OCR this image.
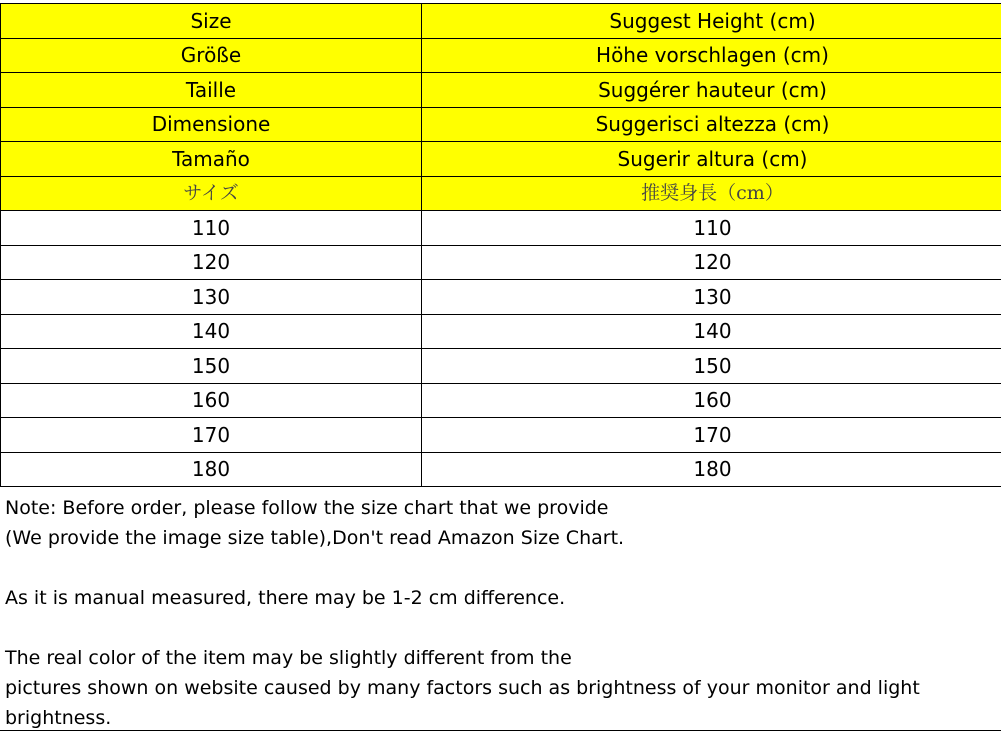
Size	Suggest Height (cm)
Größe	Höhe vorschlagen (cm)
Taille	Suggérer hauteur (cm)
Dimensione	Suggerisci altezza (cm)
Tamaño	Sugerir altura (cm)
サイズ	推奨身長（cm）
110	110
120	120
130	130
140	140
150	150
160	160
170	170
180	180

Note: Before order, please follow the size chart that we provide

(We provide the image size table),Don't read Amazon Size Chart.

As it is manual measured, there may be 1-2 cm difference.

The real color of the item may be slightly different from the

pictures shown on website caused by many factors such as brightness of your monitor and light

brightness.
